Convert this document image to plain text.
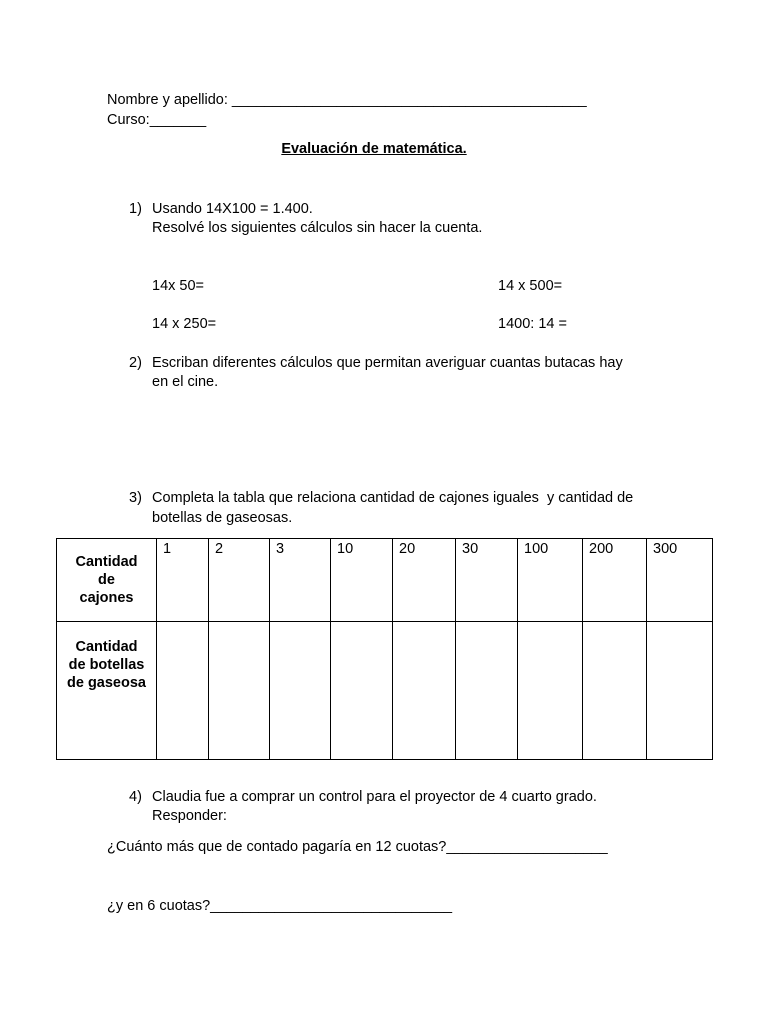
Nombre y apellido: ____________________________________________
Curso:_______
Evaluación de matemática.
1) Usando 14X100 = 1.400.
Resolvé los siguientes cálculos sin hacer la cuenta.
14x 50=	14 x 500=
14 x 250=	1400: 14 =
2) Escriban diferentes cálculos que permitan averiguar cuantas butacas hay
en el cine.
3) Completa la tabla que relaciona cantidad de cajones iguales  y cantidad de
botellas de gaseosas.
Cantidad
de
cajones	1	2	3	10	20	30	100	200	300

Cantidad
de botellas
de gaseosa									

4) Claudia fue a comprar un control para el proyector de 4 cuarto grado.
Responder:
¿Cuánto más que de contado pagaría en 12 cuotas?____________________
¿y en 6 cuotas?______________________________
